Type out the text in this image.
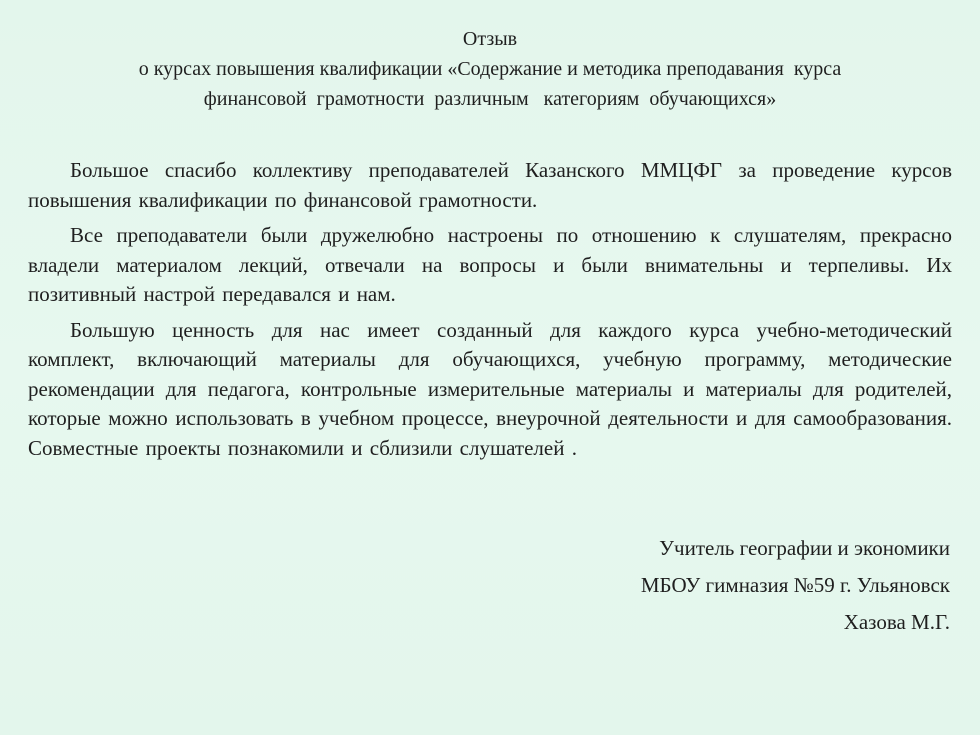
Отзыв
о курсах повышения квалификации «Содержание и методика преподавания  курса
финансовой  грамотности  различным   категориям  обучающихся»

Большое спасибо коллективу преподавателей Казанского ММЦФГ за проведение курсов повышения квалификации по финансовой грамотности.

Все преподаватели были дружелюбно настроены по отношению к слушателям, прекрасно владели материалом лекций, отвечали на вопросы и были внимательны и терпеливы. Их позитивный настрой передавался и нам.

Большую ценность для нас имеет созданный для каждого курса учебно-методический комплект, включающий материалы для обучающихся, учебную программу, методические рекомендации для педагога, контрольные измерительные материалы и материалы для родителей, которые можно использовать в учебном процессе, внеурочной деятельности и для самообразования. Совместные проекты познакомили и сблизили слушателей .

Учитель географии и экономики
МБОУ гимназия №59 г. Ульяновск
Хазова М.Г.
